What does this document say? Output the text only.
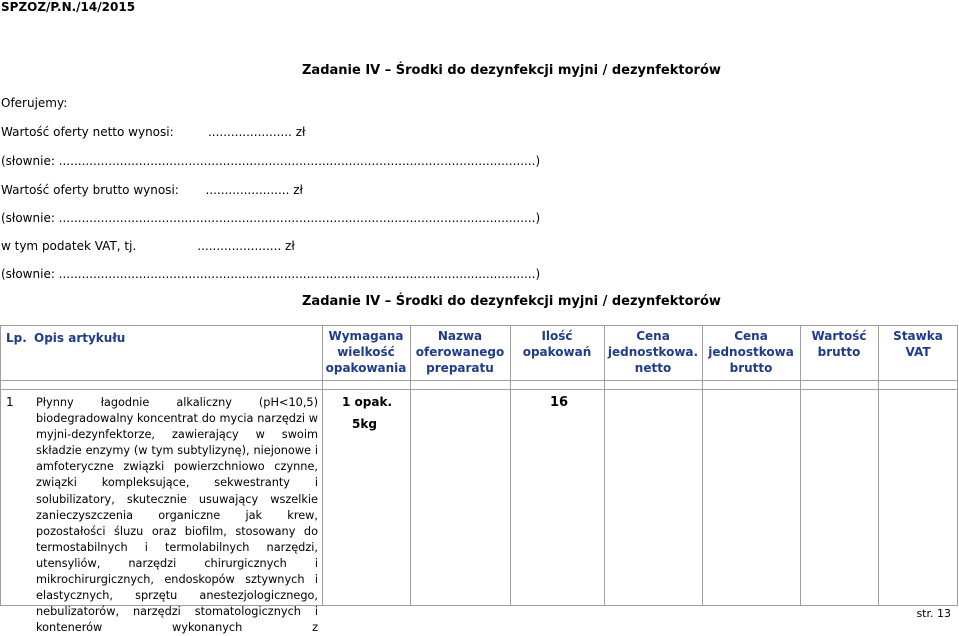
SPZOZ/P.N./14/2015
Zadanie IV – Środki do dezynfekcji myjni / dezynfektorów
Oferujemy:
Wartość oferty netto wynosi:         ...................... zł
(słownie: .............................................................................................................................)
Wartość oferty brutto wynosi:       ...................... zł
(słownie: .............................................................................................................................)
w tym podatek VAT, tj.                ...................... zł
(słownie: .............................................................................................................................)
Zadanie IV – Środki do dezynfekcji myjni / dezynfektorów
Lp. Opis artykułu	Wymagana wielkość opakowania
Nazwa oferowanego preparatu
Ilość opakowań
Cena jednostkowa. netto
Cena jednostkowa brutto
Wartość brutto
Stawka VAT
1 Płynny łagodnie alkaliczny (pH<10,5) biodegradowalny koncentrat do mycia narzędzi w myjni-dezynfektorze, zawierający w swoim składzie enzymy (w tym subtylizynę), niejonowe i amfoteryczne związki powierzchniowo czynne, związki kompleksujące, sekwestranty i solubilizatory, skutecznie usuwający wszelkie zanieczyszczenia organiczne jak krew, pozostałości śluzu oraz biofilm, stosowany do termostabilnych i termolabilnych narzędzi, utensyliów, narzędzi chirurgicznych i mikrochirurgicznych, endoskopów sztywnych i elastycznych, sprzętu anestezjologicznego, nebulizatorów, narzędzi stomatologicznych i kontenerów wykonanych z
1 opak.
5kg
16
str. 13
